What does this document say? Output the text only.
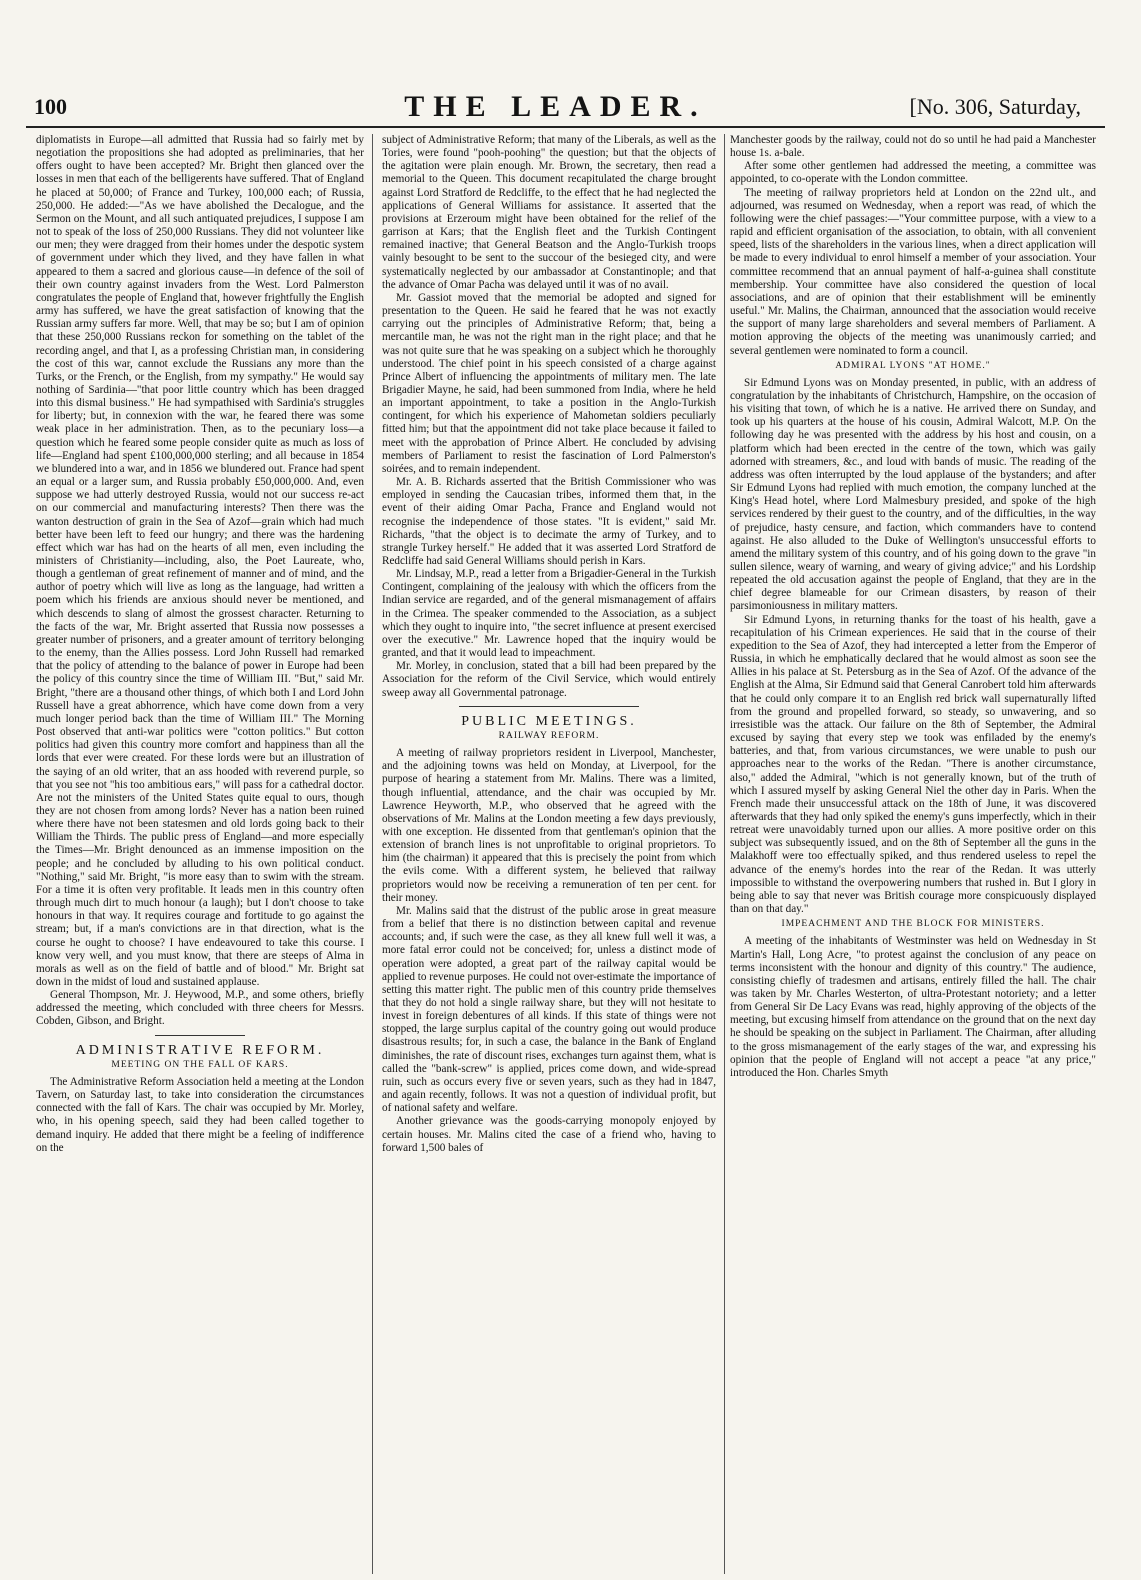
100	THE LEADER.	[No. 306, Saturday,

diplomatists in Europe—all admitted that Russia had so fairly met by negotiation the propositions she had adopted as preliminaries, that her offers ought to have been accepted? Mr. Bright then glanced over the losses in men that each of the belligerents have suffered. That of England he placed at 50,000; of France and Turkey, 100,000 each; of Russia, 250,000. He added:—"As we have abolished the Decalogue, and the Sermon on the Mount, and all such antiquated prejudices, I suppose I am not to speak of the loss of 250,000 Russians. They did not volunteer like our men; they were dragged from their homes under the despotic system of government under which they lived, and they have fallen in what appeared to them a sacred and glorious cause—in defence of the soil of their own country against invaders from the West. Lord Palmerston congratulates the people of England that, however frightfully the English army has suffered, we have the great satisfaction of knowing that the Russian army suffers far more. Well, that may be so; but I am of opinion that these 250,000 Russians reckon for something on the tablet of the recording angel, and that I, as a professing Christian man, in considering the cost of this war, cannot exclude the Russians any more than the Turks, or the French, or the English, from my sympathy." He would say nothing of Sardinia—"that poor little country which has been dragged into this dismal business." He had sympathised with Sardinia's struggles for liberty; but, in connexion with the war, he feared there was some weak place in her administration. Then, as to the pecuniary loss—a question which he feared some people consider quite as much as loss of life—England had spent £100,000,000 sterling; and all because in 1854 we blundered into a war, and in 1856 we blundered out. France had spent an equal or a larger sum, and Russia probably £50,000,000. And, even suppose we had utterly destroyed Russia, would not our success re-act on our commercial and manufacturing interests? Then there was the wanton destruction of grain in the Sea of Azof—grain which had much better have been left to feed our hungry; and there was the hardening effect which war has had on the hearts of all men, even including the ministers of Christianity—including, also, the Poet Laureate, who, though a gentleman of great refinement of manner and of mind, and the author of poetry which will live as long as the language, had written a poem which his friends are anxious should never be mentioned, and which descends to slang of almost the grossest character. Returning to the facts of the war, Mr. Bright asserted that Russia now possesses a greater number of prisoners, and a greater amount of territory belonging to the enemy, than the Allies possess. Lord John Russell had remarked that the policy of attending to the balance of power in Europe had been the policy of this country since the time of William III. "But," said Mr. Bright, "there are a thousand other things, of which both I and Lord John Russell have a great abhorrence, which have come down from a very much longer period back than the time of William III." The Morning Post observed that anti-war politics were "cotton politics." But cotton politics had given this country more comfort and happiness than all the lords that ever were created. For these lords were but an illustration of the saying of an old writer, that an ass hooded with reverend purple, so that you see not "his too ambitious ears," will pass for a cathedral doctor. Are not the ministers of the United States quite equal to ours, though they are not chosen from among lords? Never has a nation been ruined where there have not been statesmen and old lords going back to their William the Thirds. The public press of England—and more especially the Times—Mr. Bright denounced as an immense imposition on the people; and he concluded by alluding to his own political conduct. "Nothing," said Mr. Bright, "is more easy than to swim with the stream. For a time it is often very profitable. It leads men in this country often through much dirt to much honour (a laugh); but I don't choose to take honours in that way. It requires courage and fortitude to go against the stream; but, if a man's convictions are in that direction, what is the course he ought to choose? I have endeavoured to take this course. I know very well, and you must know, that there are steeps of Alma in morals as well as on the field of battle and of blood." Mr. Bright sat down in the midst of loud and sustained applause.

General Thompson, Mr. J. Heywood, M.P., and some others, briefly addressed the meeting, which concluded with three cheers for Messrs. Cobden, Gibson, and Bright.

ADMINISTRATIVE REFORM.
MEETING ON THE FALL OF KARS.

The Administrative Reform Association held a meeting at the London Tavern, on Saturday last, to take into consideration the circumstances connected with the fall of Kars. The chair was occupied by Mr. Morley, who, in his opening speech, said they had been called together to demand inquiry. He added that there might be a feeling of indifference on the

subject of Administrative Reform; that many of the Liberals, as well as the Tories, were found "pooh-poohing" the question; but that the objects of the agitation were plain enough. Mr. Brown, the secretary, then read a memorial to the Queen. This document recapitulated the charge brought against Lord Stratford de Redcliffe, to the effect that he had neglected the applications of General Williams for assistance. It asserted that the provisions at Erzeroum might have been obtained for the relief of the garrison at Kars; that the English fleet and the Turkish Contingent remained inactive; that General Beatson and the Anglo-Turkish troops vainly besought to be sent to the succour of the besieged city, and were systematically neglected by our ambassador at Constantinople; and that the advance of Omar Pacha was delayed until it was of no avail.

Mr. Gassiot moved that the memorial be adopted and signed for presentation to the Queen. He said he feared that he was not exactly carrying out the principles of Administrative Reform; that, being a mercantile man, he was not the right man in the right place; and that he was not quite sure that he was speaking on a subject which he thoroughly understood. The chief point in his speech consisted of a charge against Prince Albert of influencing the appointments of military men. The late Brigadier Mayne, he said, had been summoned from India, where he held an important appointment, to take a position in the Anglo-Turkish contingent, for which his experience of Mahometan soldiers peculiarly fitted him; but that the appointment did not take place because it failed to meet with the approbation of Prince Albert. He concluded by advising members of Parliament to resist the fascination of Lord Palmerston's soirées, and to remain independent.

Mr. A. B. Richards asserted that the British Commissioner who was employed in sending the Caucasian tribes, informed them that, in the event of their aiding Omar Pacha, France and England would not recognise the independence of those states. "It is evident," said Mr. Richards, "that the object is to decimate the army of Turkey, and to strangle Turkey herself." He added that it was asserted Lord Stratford de Redcliffe had said General Williams should perish in Kars.

Mr. Lindsay, M.P., read a letter from a Brigadier-General in the Turkish Contingent, complaining of the jealousy with which the officers from the Indian service are regarded, and of the general mismanagement of affairs in the Crimea. The speaker commended to the Association, as a subject which they ought to inquire into, "the secret influence at present exercised over the executive." Mr. Lawrence hoped that the inquiry would be granted, and that it would lead to impeachment.

Mr. Morley, in conclusion, stated that a bill had been prepared by the Association for the reform of the Civil Service, which would entirely sweep away all Governmental patronage.

PUBLIC MEETINGS.
RAILWAY REFORM.

A meeting of railway proprietors resident in Liverpool, Manchester, and the adjoining towns was held on Monday, at Liverpool, for the purpose of hearing a statement from Mr. Malins. There was a limited, though influential, attendance, and the chair was occupied by Mr. Lawrence Heyworth, M.P., who observed that he agreed with the observations of Mr. Malins at the London meeting a few days previously, with one exception. He dissented from that gentleman's opinion that the extension of branch lines is not unprofitable to original proprietors. To him (the chairman) it appeared that this is precisely the point from which the evils come. With a different system, he believed that railway proprietors would now be receiving a remuneration of ten per cent. for their money.

Mr. Malins said that the distrust of the public arose in great measure from a belief that there is no distinction between capital and revenue accounts; and, if such were the case, as they all knew full well it was, a more fatal error could not be conceived; for, unless a distinct mode of operation were adopted, a great part of the railway capital would be applied to revenue purposes. He could not over-estimate the importance of setting this matter right. The public men of this country pride themselves that they do not hold a single railway share, but they will not hesitate to invest in foreign debentures of all kinds. If this state of things were not stopped, the large surplus capital of the country going out would produce disastrous results; for, in such a case, the balance in the Bank of England diminishes, the rate of discount rises, exchanges turn against them, what is called the "bank-screw" is applied, prices come down, and wide-spread ruin, such as occurs every five or seven years, such as they had in 1847, and again recently, follows. It was not a question of individual profit, but of national safety and welfare.

Another grievance was the goods-carrying monopoly enjoyed by certain houses. Mr. Malins cited the case of a friend who, having to forward 1,500 bales of

Manchester goods by the railway, could not do so until he had paid a Manchester house 1s. a-bale.

After some other gentlemen had addressed the meeting, a committee was appointed, to co-operate with the London committee.

The meeting of railway proprietors held at London on the 22nd ult., and adjourned, was resumed on Wednesday, when a report was read, of which the following were the chief passages:—"Your committee purpose, with a view to a rapid and efficient organisation of the association, to obtain, with all convenient speed, lists of the shareholders in the various lines, when a direct application will be made to every individual to enrol himself a member of your association. Your committee recommend that an annual payment of half-a-guinea shall constitute membership. Your committee have also considered the question of local associations, and are of opinion that their establishment will be eminently useful." Mr. Malins, the Chairman, announced that the association would receive the support of many large shareholders and several members of Parliament. A motion approving the objects of the meeting was unanimously carried; and several gentlemen were nominated to form a council.

ADMIRAL LYONS "AT HOME."

Sir Edmund Lyons was on Monday presented, in public, with an address of congratulation by the inhabitants of Christchurch, Hampshire, on the occasion of his visiting that town, of which he is a native. He arrived there on Sunday, and took up his quarters at the house of his cousin, Admiral Walcott, M.P. On the following day he was presented with the address by his host and cousin, on a platform which had been erected in the centre of the town, which was gaily adorned with streamers, &c., and loud with bands of music. The reading of the address was often interrupted by the loud applause of the bystanders; and after Sir Edmund Lyons had replied with much emotion, the company lunched at the King's Head hotel, where Lord Malmesbury presided, and spoke of the high services rendered by their guest to the country, and of the difficulties, in the way of prejudice, hasty censure, and faction, which commanders have to contend against. He also alluded to the Duke of Wellington's unsuccessful efforts to amend the military system of this country, and of his going down to the grave "in sullen silence, weary of warning, and weary of giving advice;" and his Lordship repeated the old accusation against the people of England, that they are in the chief degree blameable for our Crimean disasters, by reason of their parsimoniousness in military matters.

Sir Edmund Lyons, in returning thanks for the toast of his health, gave a recapitulation of his Crimean experiences. He said that in the course of their expedition to the Sea of Azof, they had intercepted a letter from the Emperor of Russia, in which he emphatically declared that he would almost as soon see the Allies in his palace at St. Petersburg as in the Sea of Azof. Of the advance of the English at the Alma, Sir Edmund said that General Canrobert told him afterwards that he could only compare it to an English red brick wall supernaturally lifted from the ground and propelled forward, so steady, so unwavering, and so irresistible was the attack. Our failure on the 8th of September, the Admiral excused by saying that every step we took was enfiladed by the enemy's batteries, and that, from various circumstances, we were unable to push our approaches near to the works of the Redan. "There is another circumstance, also," added the Admiral, "which is not generally known, but of the truth of which I assured myself by asking General Niel the other day in Paris. When the French made their unsuccessful attack on the 18th of June, it was discovered afterwards that they had only spiked the enemy's guns imperfectly, which in their retreat were unavoidably turned upon our allies. A more positive order on this subject was subsequently issued, and on the 8th of September all the guns in the Malakhoff were too effectually spiked, and thus rendered useless to repel the advance of the enemy's hordes into the rear of the Redan. It was utterly impossible to withstand the overpowering numbers that rushed in. But I glory in being able to say that never was British courage more conspicuously displayed than on that day."

IMPEACHMENT AND THE BLOCK FOR MINISTERS.

A meeting of the inhabitants of Westminster was held on Wednesday in St Martin's Hall, Long Acre, "to protest against the conclusion of any peace on terms inconsistent with the honour and dignity of this country." The audience, consisting chiefly of tradesmen and artisans, entirely filled the hall. The chair was taken by Mr. Charles Westerton, of ultra-Protestant notoriety; and a letter from General Sir De Lacy Evans was read, highly approving of the objects of the meeting, but excusing himself from attendance on the ground that on the next day he should be speaking on the subject in Parliament. The Chairman, after alluding to the gross mismanagement of the early stages of the war, and expressing his opinion that the people of England will not accept a peace "at any price," introduced the Hon. Charles Smyth
